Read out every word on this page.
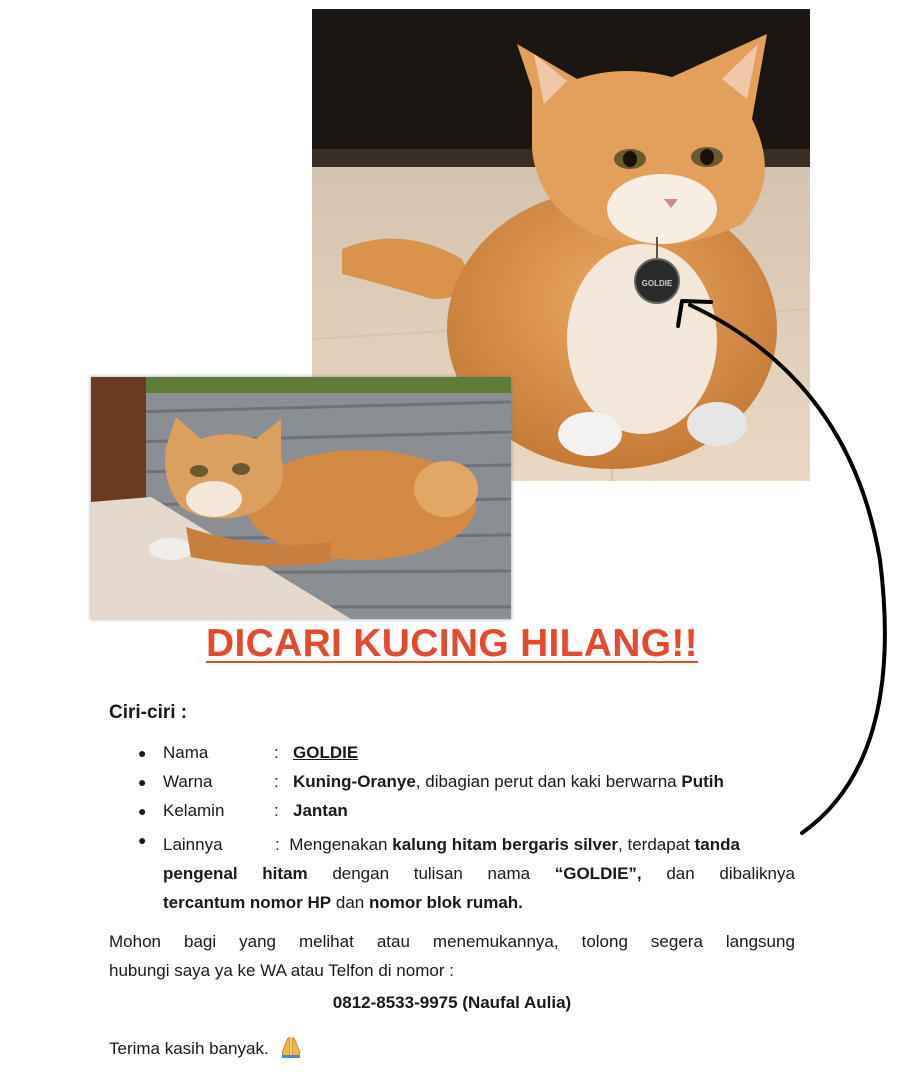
GOLDIE
DICARI KUCING HILANG!!
Ciri-ciri :
● Nama	: GOLDIE
● Warna	: Kuning-Oranye, dibagian perut dan kaki berwarna Putih
● Kelamin	: Jantan
● Lainnya	: Mengenakan kalung hitam bergaris silver, terdapat tanda
pengenal hitam dengan tulisan nama “GOLDIE”, dan dibaliknya
tercantum nomor HP dan nomor blok rumah.
Mohon bagi yang melihat atau menemukannya, tolong segera langsung
hubungi saya ya ke WA atau Telfon di nomor :
0812-8533-9975 (Naufal Aulia)
Terima kasih banyak.
